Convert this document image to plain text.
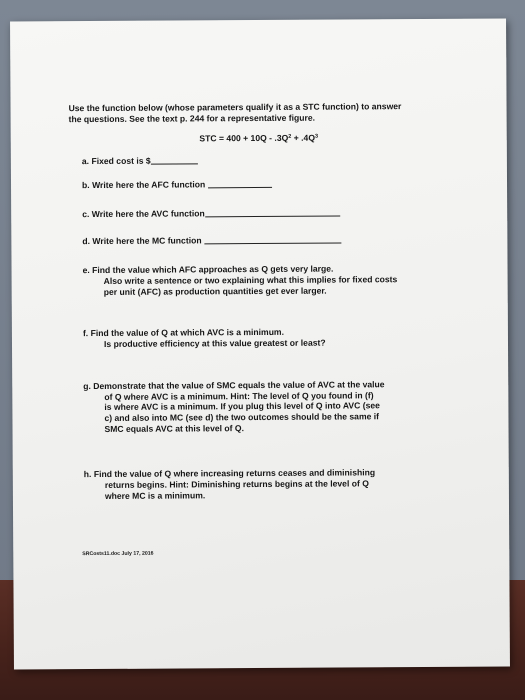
Use the function below (whose parameters qualify it as a STC function) to answer
the questions. See the text p. 244 for a representative figure.

STC = $400 + 10Q - .3Q^2 + .4Q^3$
a. Fixed cost is $
b. Write here the AFC function
c. Write here the AVC function
d. Write here the MC function
e. Find the value which AFC approaches as Q gets very large.
Also write a sentence or two explaining what this implies for fixed costs
per unit (AFC) as production quantities get ever larger.
f. Find the value of Q at which AVC is a minimum.
Is productive efficiency at this value greatest or least?
g. Demonstrate that the value of SMC equals the value of AVC at the value
of Q where AVC is a minimum. Hint: The level of Q you found in (f)
is where AVC is a minimum. If you plug this level of Q into AVC (see
c) and also into MC (see d) the two outcomes should be the same if
SMC equals AVC at this level of Q.
h. Find the value of Q where increasing returns ceases and diminishing
returns begins. Hint: Diminishing returns begins at the level of Q
where MC is a minimum.
SRCosts11.doc July 17, 2016
